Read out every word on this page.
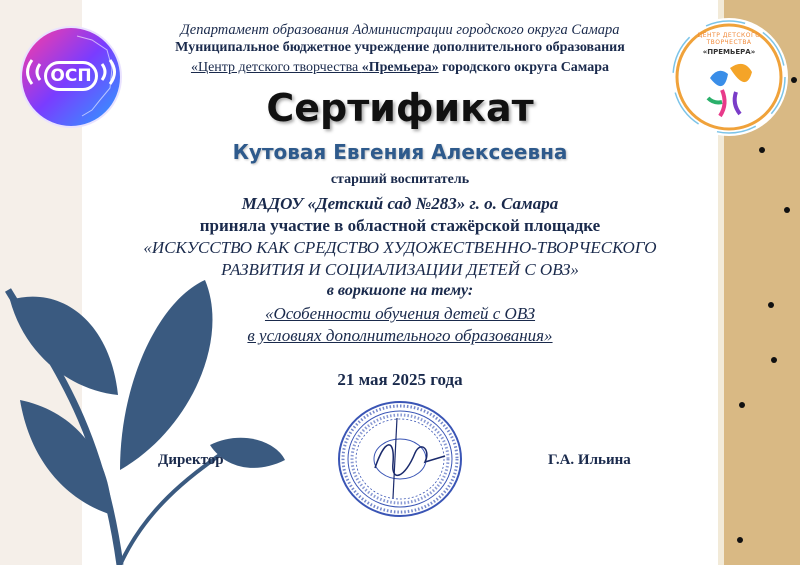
ОСП
ЦЕНТР ДЕТСКОГО ТВОРЧЕСТВА
«ПРЕМЬЕРА»
Департамент образования Администрации городского округа Самара
Муниципальное бюджетное учреждение дополнительного образования
«Центр детского творчества «Премьера» городского округа Самара
Сертификат
Кутовая Евгения Алексеевна
старший воспитатель
МАДОУ «Детский сад №283» г. о. Самара
приняла участие в областной стажёрской площадке
«ИСКУССТВО КАК СРЕДСТВО ХУДОЖЕСТВЕННО-ТВОРЧЕСКОГО
РАЗВИТИЯ И СОЦИАЛИЗАЦИИ ДЕТЕЙ С ОВЗ»
в воркшопе на тему:
«Особенности обучения детей с ОВЗ
в условиях дополнительного образования»
21 мая 2025 года
Директор	Г.А. Ильина
